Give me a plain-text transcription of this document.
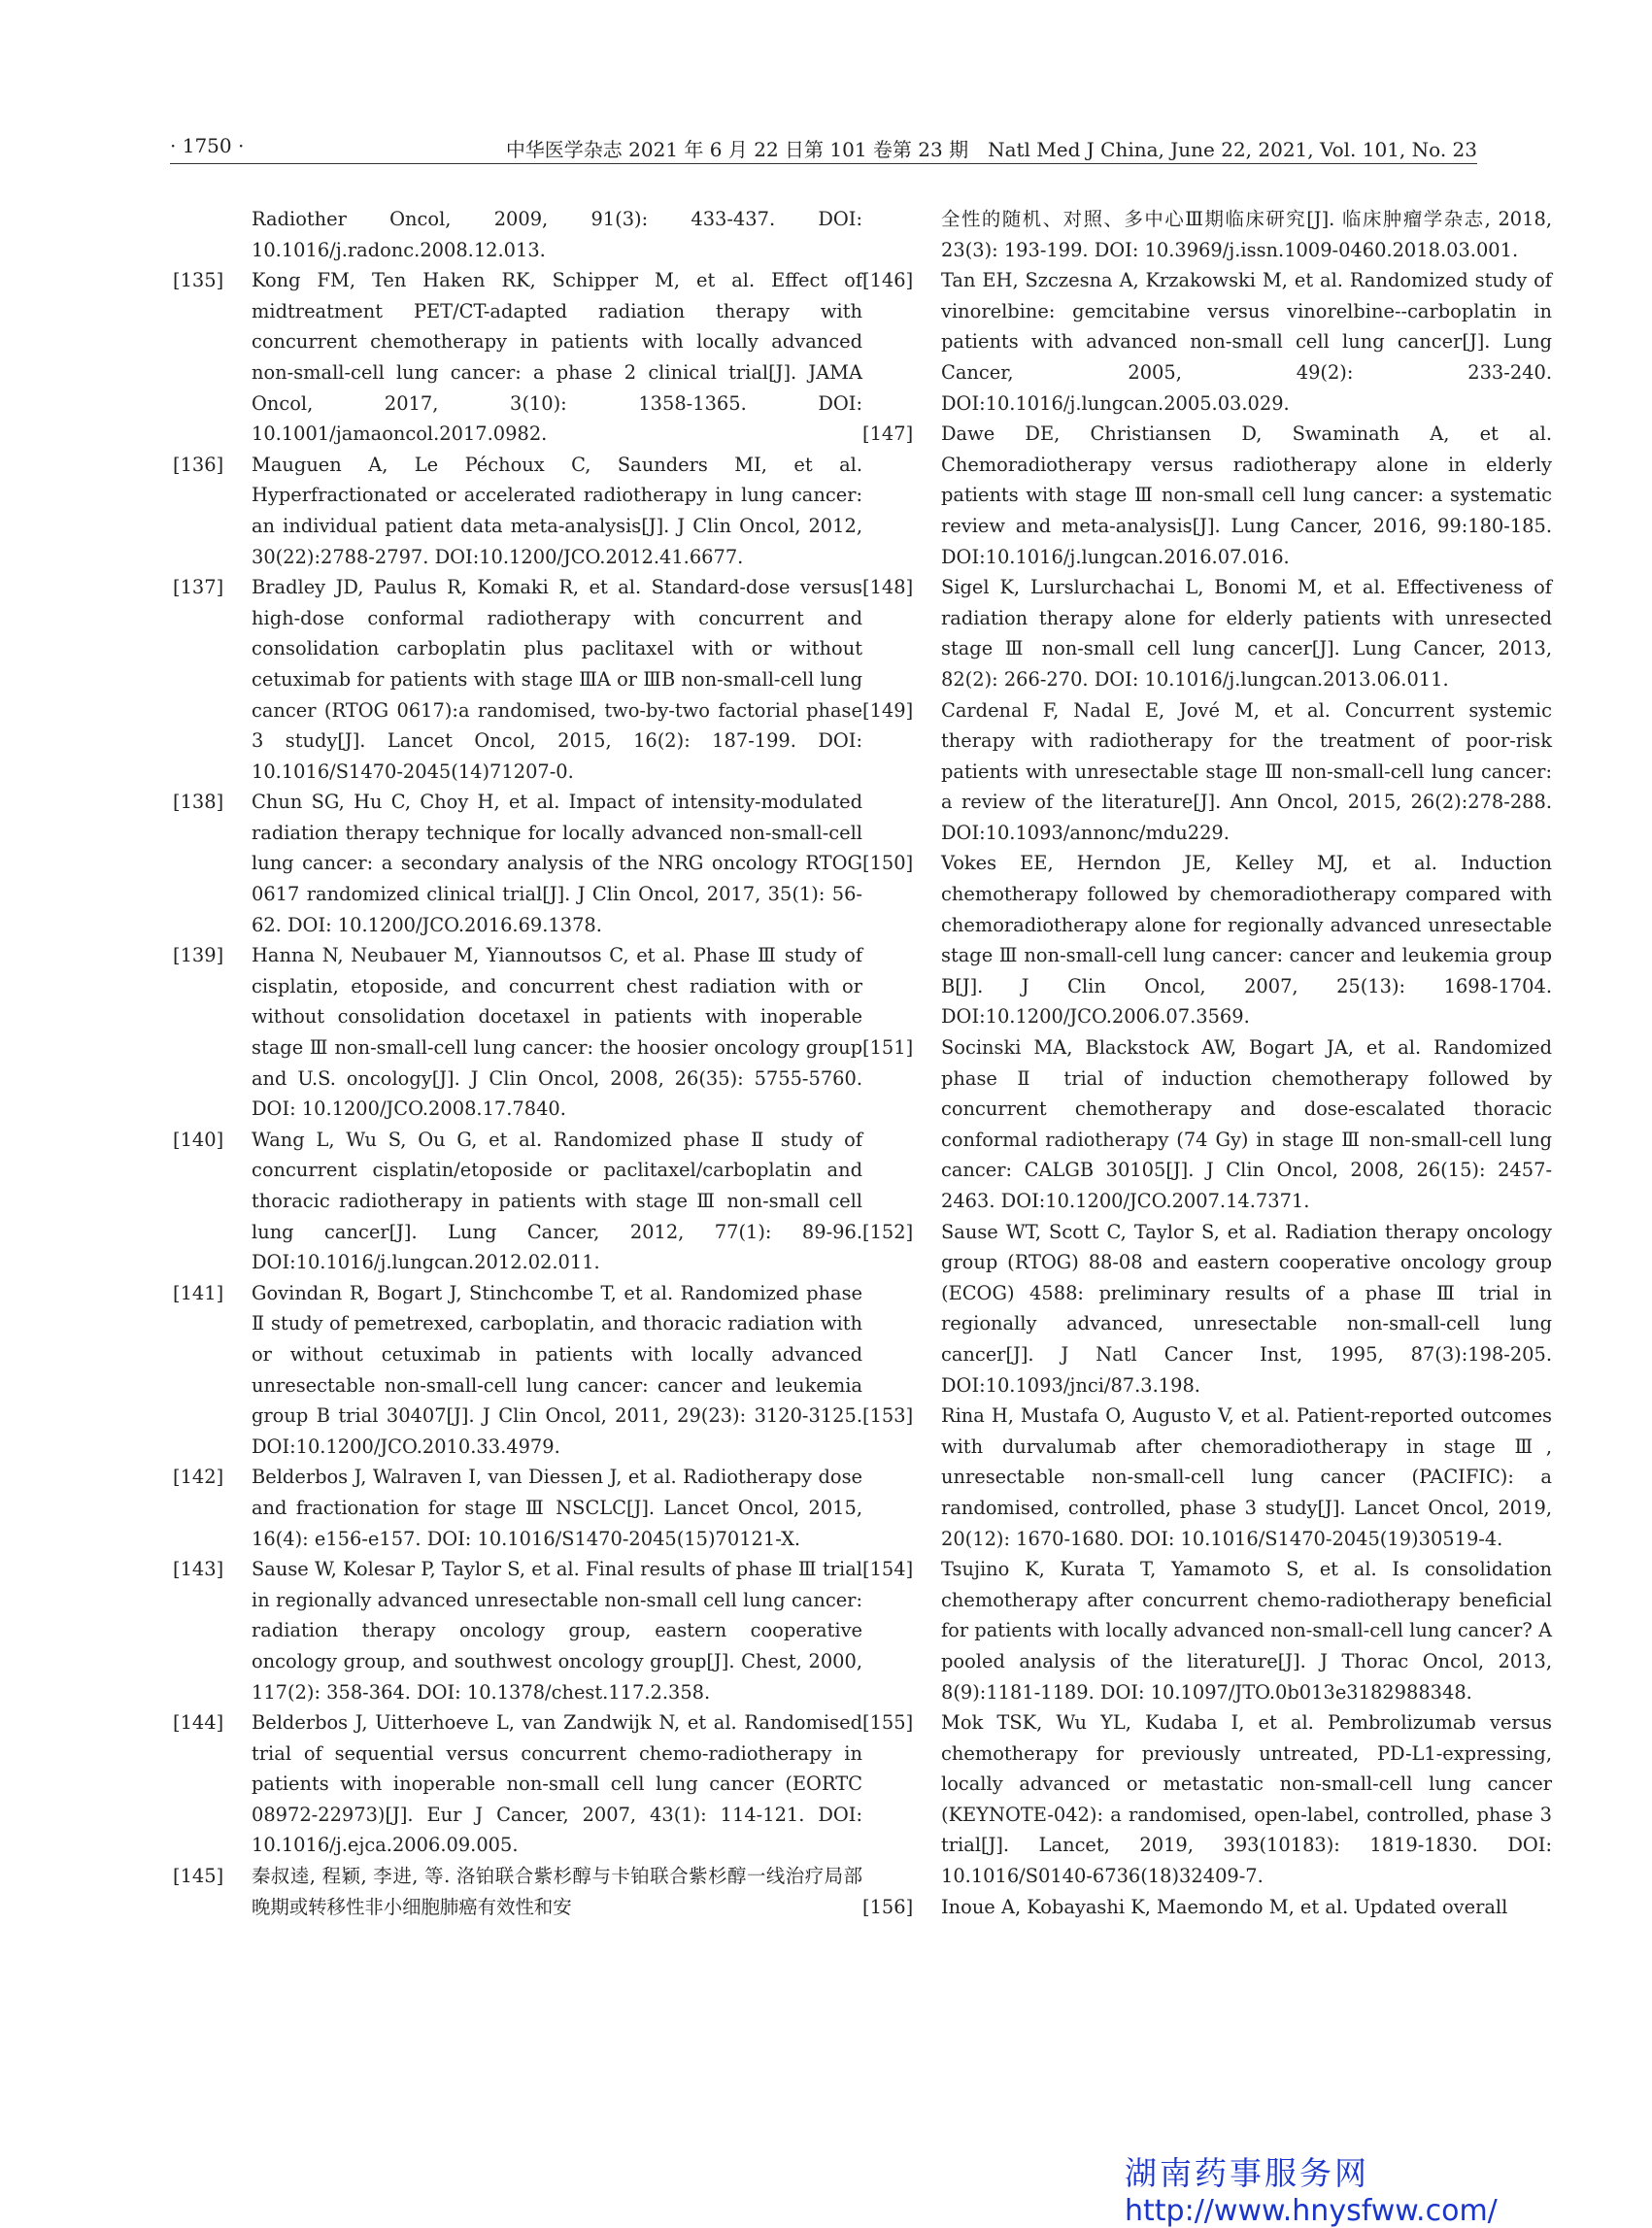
· 1750 ·	中华医学杂志 2021 年 6 月 22 日第 101 卷第 23 期　Natl Med J China, June 22, 2021, Vol. 101, No. 23
Radiother Oncol, 2009, 91(3): 433-437. DOI: 10.1016/j.radonc.2008.12.013.
[135]	Kong FM, Ten Haken RK, Schipper M, et al. Effect of midtreatment PET/CT-adapted radiation therapy with concurrent chemotherapy in patients with locally advanced non-small-cell lung cancer: a phase 2 clinical trial[J]. JAMA Oncol, 2017, 3(10): 1358-1365. DOI: 10.1001/jamaoncol.2017.0982.
[136]	Mauguen A, Le Péchoux C, Saunders MI, et al. Hyperfractionated or accelerated radiotherapy in lung cancer: an individual patient data meta-analysis[J]. J Clin Oncol, 2012, 30(22):2788-2797. DOI:10.1200/JCO.2012.41.6677.
[137]	Bradley JD, Paulus R, Komaki R, et al. Standard-dose versus high-dose conformal radiotherapy with concurrent and consolidation carboplatin plus paclitaxel with or without cetuximab for patients with stage ⅢA or ⅢB non-small-cell lung cancer (RTOG 0617):a randomised, two-by-two factorial phase 3 study[J]. Lancet Oncol, 2015, 16(2): 187-199. DOI: 10.1016/S1470-2045(14)71207-0.
[138]	Chun SG, Hu C, Choy H, et al. Impact of intensity-modulated radiation therapy technique for locally advanced non-small-cell lung cancer: a secondary analysis of the NRG oncology RTOG 0617 randomized clinical trial[J]. J Clin Oncol, 2017, 35(1): 56-62. DOI: 10.1200/JCO.2016.69.1378.
[139]	Hanna N, Neubauer M, Yiannoutsos C, et al. Phase Ⅲ study of cisplatin, etoposide, and concurrent chest radiation with or without consolidation docetaxel in patients with inoperable stage Ⅲ non-small-cell lung cancer: the hoosier oncology group and U.S. oncology[J]. J Clin Oncol, 2008, 26(35): 5755-5760. DOI: 10.1200/JCO.2008.17.7840.
[140]	Wang L, Wu S, Ou G, et al. Randomized phase Ⅱ study of concurrent cisplatin/etoposide or paclitaxel/carboplatin and thoracic radiotherapy in patients with stage Ⅲ non-small cell lung cancer[J]. Lung Cancer, 2012, 77(1): 89-96. DOI:10.1016/j.lungcan.2012.02.011.
[141]	Govindan R, Bogart J, Stinchcombe T, et al. Randomized phase Ⅱ study of pemetrexed, carboplatin, and thoracic radiation with or without cetuximab in patients with locally advanced unresectable non-small-cell lung cancer: cancer and leukemia group B trial 30407[J]. J Clin Oncol, 2011, 29(23): 3120-3125. DOI:10.1200/JCO.2010.33.4979.
[142]	Belderbos J, Walraven I, van Diessen J, et al. Radiotherapy dose and fractionation for stage Ⅲ NSCLC[J]. Lancet Oncol, 2015, 16(4): e156-e157. DOI: 10.1016/S1470-2045(15)70121-X.
[143]	Sause W, Kolesar P, Taylor S, et al. Final results of phase Ⅲ trial in regionally advanced unresectable non-small cell lung cancer: radiation therapy oncology group, eastern cooperative oncology group, and southwest oncology group[J]. Chest, 2000, 117(2): 358-364. DOI: 10.1378/chest.117.2.358.
[144]	Belderbos J, Uitterhoeve L, van Zandwijk N, et al. Randomised trial of sequential versus concurrent chemo-radiotherapy in patients with inoperable non-small cell lung cancer (EORTC 08972-22973)[J]. Eur J Cancer, 2007, 43(1): 114-121. DOI: 10.1016/j.ejca.2006.09.005.
[145]	秦叔逵, 程颖, 李进, 等. 洛铂联合紫杉醇与卡铂联合紫杉醇一线治疗局部晚期或转移性非小细胞肺癌有效性和安
全性的随机、对照、多中心Ⅲ期临床研究[J]. 临床肿瘤学杂志, 2018, 23(3): 193-199. DOI: 10.3969/j.issn.1009-0460.2018.03.001.
[146]	Tan EH, Szczesna A, Krzakowski M, et al. Randomized study of vinorelbine: gemcitabine versus vinorelbine--carboplatin in patients with advanced non-small cell lung cancer[J]. Lung Cancer, 2005, 49(2): 233-240. DOI:10.1016/j.lungcan.2005.03.029.
[147]	Dawe DE, Christiansen D, Swaminath A, et al. Chemoradiotherapy versus radiotherapy alone in elderly patients with stage Ⅲ non-small cell lung cancer: a systematic review and meta-analysis[J]. Lung Cancer, 2016, 99:180-185. DOI:10.1016/j.lungcan.2016.07.016.
[148]	Sigel K, Lurslurchachai L, Bonomi M, et al. Effectiveness of radiation therapy alone for elderly patients with unresected stage Ⅲ non-small cell lung cancer[J]. Lung Cancer, 2013, 82(2): 266-270. DOI: 10.1016/j.lungcan.2013.06.011.
[149]	Cardenal F, Nadal E, Jové M, et al. Concurrent systemic therapy with radiotherapy for the treatment of poor-risk patients with unresectable stage Ⅲ non-small-cell lung cancer: a review of the literature[J]. Ann Oncol, 2015, 26(2):278-288. DOI:10.1093/annonc/mdu229.
[150]	Vokes EE, Herndon JE, Kelley MJ, et al. Induction chemotherapy followed by chemoradiotherapy compared with chemoradiotherapy alone for regionally advanced unresectable stage Ⅲ non-small-cell lung cancer: cancer and leukemia group B[J]. J Clin Oncol, 2007, 25(13): 1698-1704. DOI:10.1200/JCO.2006.07.3569.
[151]	Socinski MA, Blackstock AW, Bogart JA, et al. Randomized phase Ⅱ trial of induction chemotherapy followed by concurrent chemotherapy and dose-escalated thoracic conformal radiotherapy (74 Gy) in stage Ⅲ non-small-cell lung cancer: CALGB 30105[J]. J Clin Oncol, 2008, 26(15): 2457-2463. DOI:10.1200/JCO.2007.14.7371.
[152]	Sause WT, Scott C, Taylor S, et al. Radiation therapy oncology group (RTOG) 88-08 and eastern cooperative oncology group (ECOG) 4588: preliminary results of a phase Ⅲ trial in regionally advanced, unresectable non-small-cell lung cancer[J]. J Natl Cancer Inst, 1995, 87(3):198-205. DOI:10.1093/jnci/87.3.198.
[153]	Rina H, Mustafa O, Augusto V, et al. Patient-reported outcomes with durvalumab after chemoradiotherapy in stage Ⅲ, unresectable non-small-cell lung cancer (PACIFIC): a randomised, controlled, phase 3 study[J]. Lancet Oncol, 2019, 20(12): 1670-1680. DOI: 10.1016/S1470-2045(19)30519-4.
[154]	Tsujino K, Kurata T, Yamamoto S, et al. Is consolidation chemotherapy after concurrent chemo-radiotherapy beneficial for patients with locally advanced non-small-cell lung cancer? A pooled analysis of the literature[J]. J Thorac Oncol, 2013, 8(9):1181-1189. DOI: 10.1097/JTO.0b013e3182988348.
[155]	Mok TSK, Wu YL, Kudaba I, et al. Pembrolizumab versus chemotherapy for previously untreated, PD-L1-expressing, locally advanced or metastatic non-small-cell lung cancer (KEYNOTE-042): a randomised, open-label, controlled, phase 3 trial[J]. Lancet, 2019, 393(10183): 1819-1830. DOI: 10.1016/S0140-6736(18)32409-7.
[156]	Inoue A, Kobayashi K, Maemondo M, et al. Updated overall
湖南药事服务网
http://www.hnysfww.com/
